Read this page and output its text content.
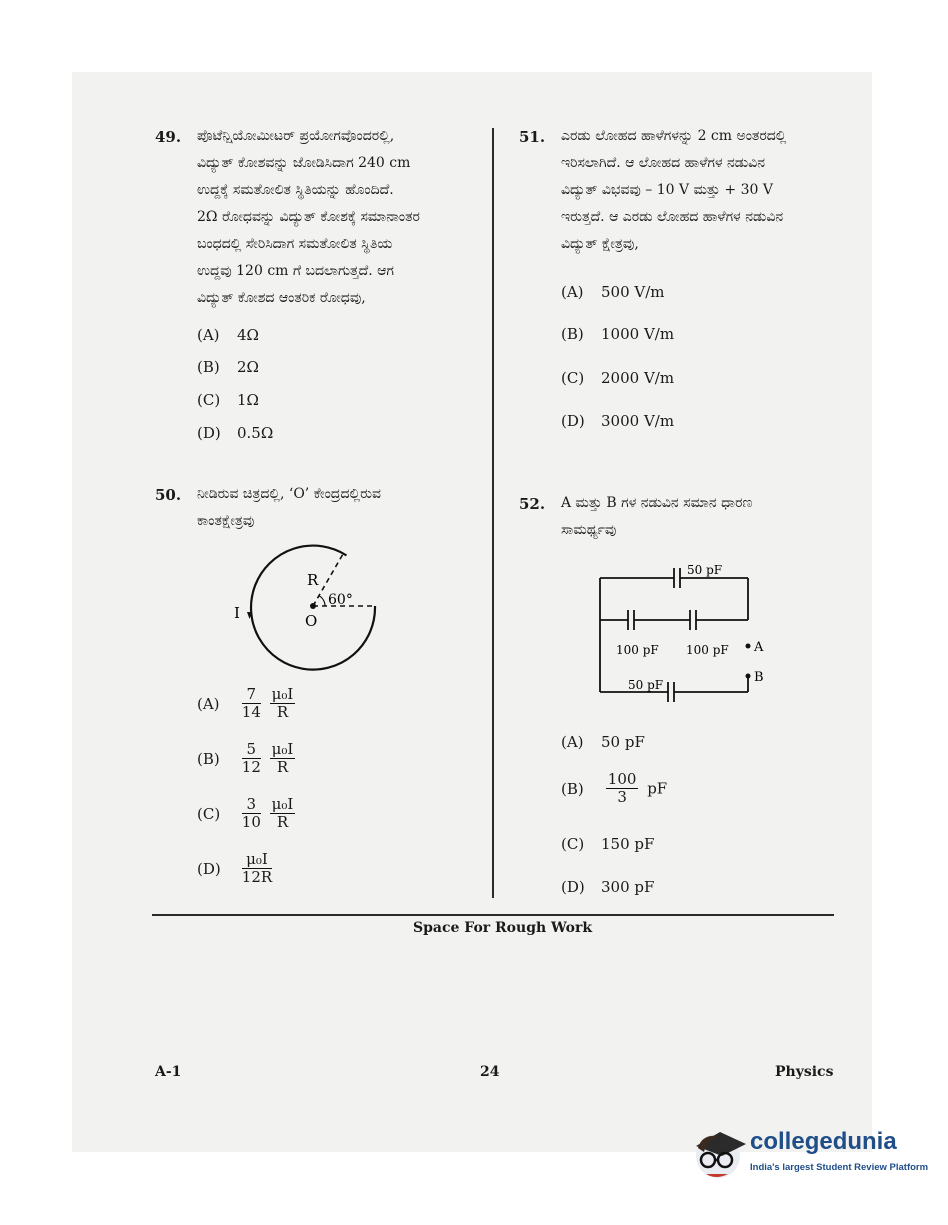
49. ಪೊಟೆನ್ಷಿಯೋಮೀಟರ್ ಪ್ರಯೋಗವೊಂದರಲ್ಲಿ,
ವಿದ್ಯುತ್ ಕೋಶವನ್ನು ಜೋಡಿಸಿದಾಗ 240 cm
ಉದ್ದಕ್ಕೆ ಸಮತೋಲಿತ ಸ್ಥಿತಿಯನ್ನು ಹೊಂದಿದೆ.
2Ω ರೋಧವನ್ನು ವಿದ್ಯುತ್ ಕೋಶಕ್ಕೆ ಸಮಾನಾಂತರ
ಬಂಧದಲ್ಲಿ ಸೇರಿಸಿದಾಗ ಸಮತೋಲಿತ ಸ್ಥಿತಿಯ
ಉದ್ದವು 120 cm ಗೆ ಬದಲಾಗುತ್ತದೆ. ಆಗ
ವಿದ್ಯುತ್ ಕೋಶದ ಆಂತರಿಕ ರೋಧವು,
(A) 4Ω
(B) 2Ω
(C) 1Ω
(D) 0.5Ω
50. ನೀಡಿರುವ ಚಿತ್ರದಲ್ಲಿ, ‘O’ ಕೇಂದ್ರದಲ್ಲಿರುವ
ಕಾಂತಕ್ಷೇತ್ರವು
R
60°
I	O
$(A) \frac{7}{14}$
$\frac{\text{μ₀I}}{R}$
$(B) \frac{5}{12}$
$\frac{\text{μ₀I}}{R}$
$(C) \frac{3}{10}$
$\frac{\text{μ₀I}}{R}$
$(D) \frac{\text{μ₀I}}{12R}$
51. ಎರಡು ಲೋಹದ ಹಾಳೆಗಳನ್ನು 2 cm ಅಂತರದಲ್ಲಿ
ಇರಿಸಲಾಗಿದೆ. ಆ ಲೋಹದ ಹಾಳೆಗಳ ನಡುವಿನ
ವಿದ್ಯುತ್ ವಿಭವವು – 10 V ಮತ್ತು + 30 V
ಇರುತ್ತದೆ. ಆ ಎರಡು ಲೋಹದ ಹಾಳೆಗಳ ನಡುವಿನ
ವಿದ್ಯುತ್ ಕ್ಷೇತ್ರವು,
(A) 500 V/m
(B) 1000 V/m
(C) 2000 V/m
(D) 3000 V/m
52. A ಮತ್ತು B ಗಳ ನಡುವಿನ ಸಮಾನ ಧಾರಣ
ಸಾಮರ್ಥ್ಯವು
50 pF
100 pF 100 pF
50 pF
A
B
(A) 50 pF
$(B) \frac{100}{3}$ pF
(C) 150 pF
(D) 300 pF
Space For Rough Work
A-1	24	Physics
collegedunia
India's largest Student Review Platform
